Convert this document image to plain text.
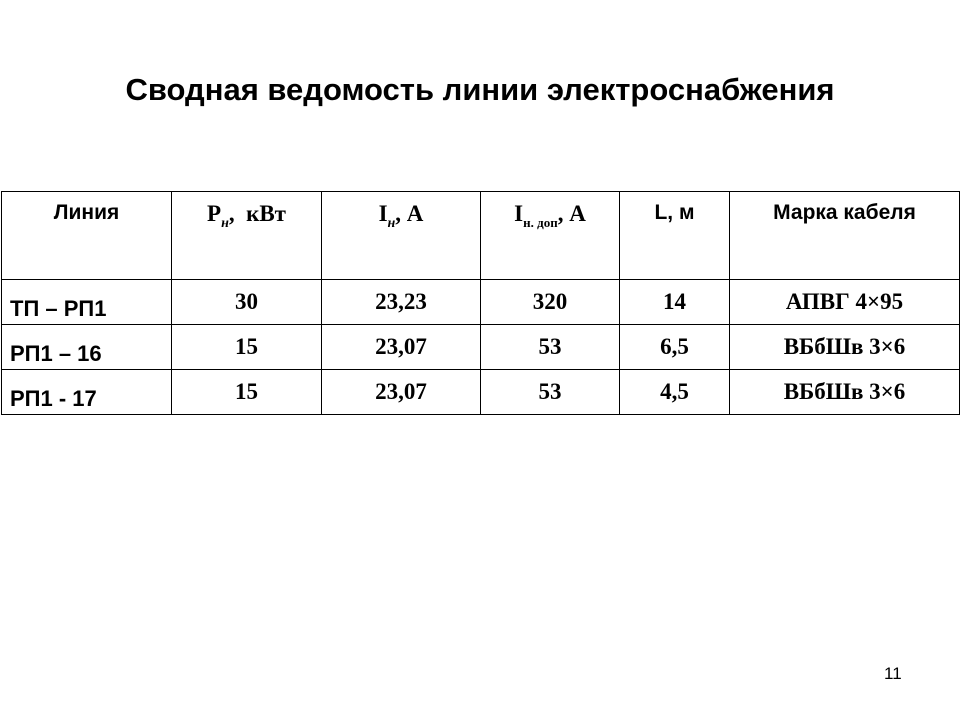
Сводная ведомость линии электроснабжения
Линия	$Р_н$,  кВт	$I_н$, А	$I_{н. доп}$, А	L, м	Марка кабеля
ТП – РП1	30	23,23	320	14	АПВГ 4×95
РП1 – 16	15	23,07	53	6,5	ВБбШв 3×6
РП1 - 17	15	23,07	53	4,5	ВБбШв 3×6
11
